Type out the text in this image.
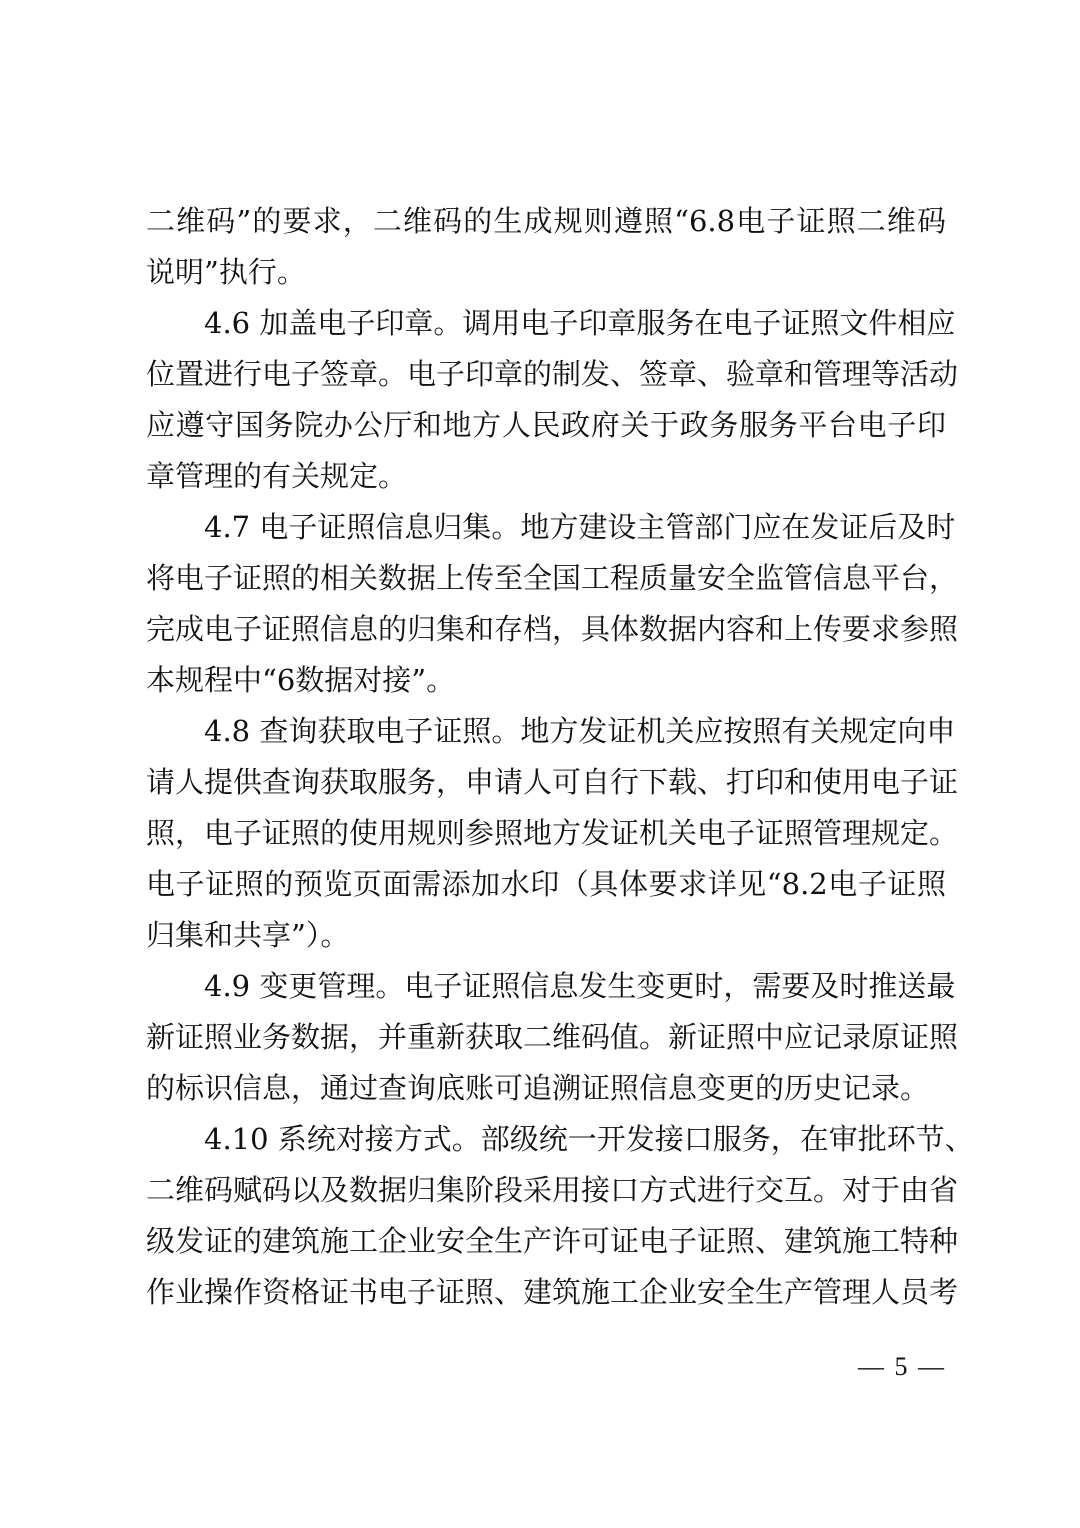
二维码”的要求，二维码的生成规则遵照“6.8电子证照二维码
说明”执行。
4.6 加盖电子印章。调用电子印章服务在电子证照文件相应
位置进行电子签章。电子印章的制发、签章、验章和管理等活动
应遵守国务院办公厅和地方人民政府关于政务服务平台电子印
章管理的有关规定。
4.7 电子证照信息归集。地方建设主管部门应在发证后及时
将电子证照的相关数据上传至全国工程质量安全监管信息平台，
完成电子证照信息的归集和存档，具体数据内容和上传要求参照
本规程中“6数据对接”。
4.8 查询获取电子证照。地方发证机关应按照有关规定向申
请人提供查询获取服务，申请人可自行下载、打印和使用电子证
照，电子证照的使用规则参照地方发证机关电子证照管理规定。
电子证照的预览页面需添加水印（具体要求详见“8.2电子证照
归集和共享”）。
4.9 变更管理。电子证照信息发生变更时，需要及时推送最
新证照业务数据，并重新获取二维码值。新证照中应记录原证照
的标识信息，通过查询底账可追溯证照信息变更的历史记录。
4.10 系统对接方式。部级统一开发接口服务，在审批环节、
二维码赋码以及数据归集阶段采用接口方式进行交互。对于由省
级发证的建筑施工企业安全生产许可证电子证照、建筑施工特种
作业操作资格证书电子证照、建筑施工企业安全生产管理人员考
— 5 —
